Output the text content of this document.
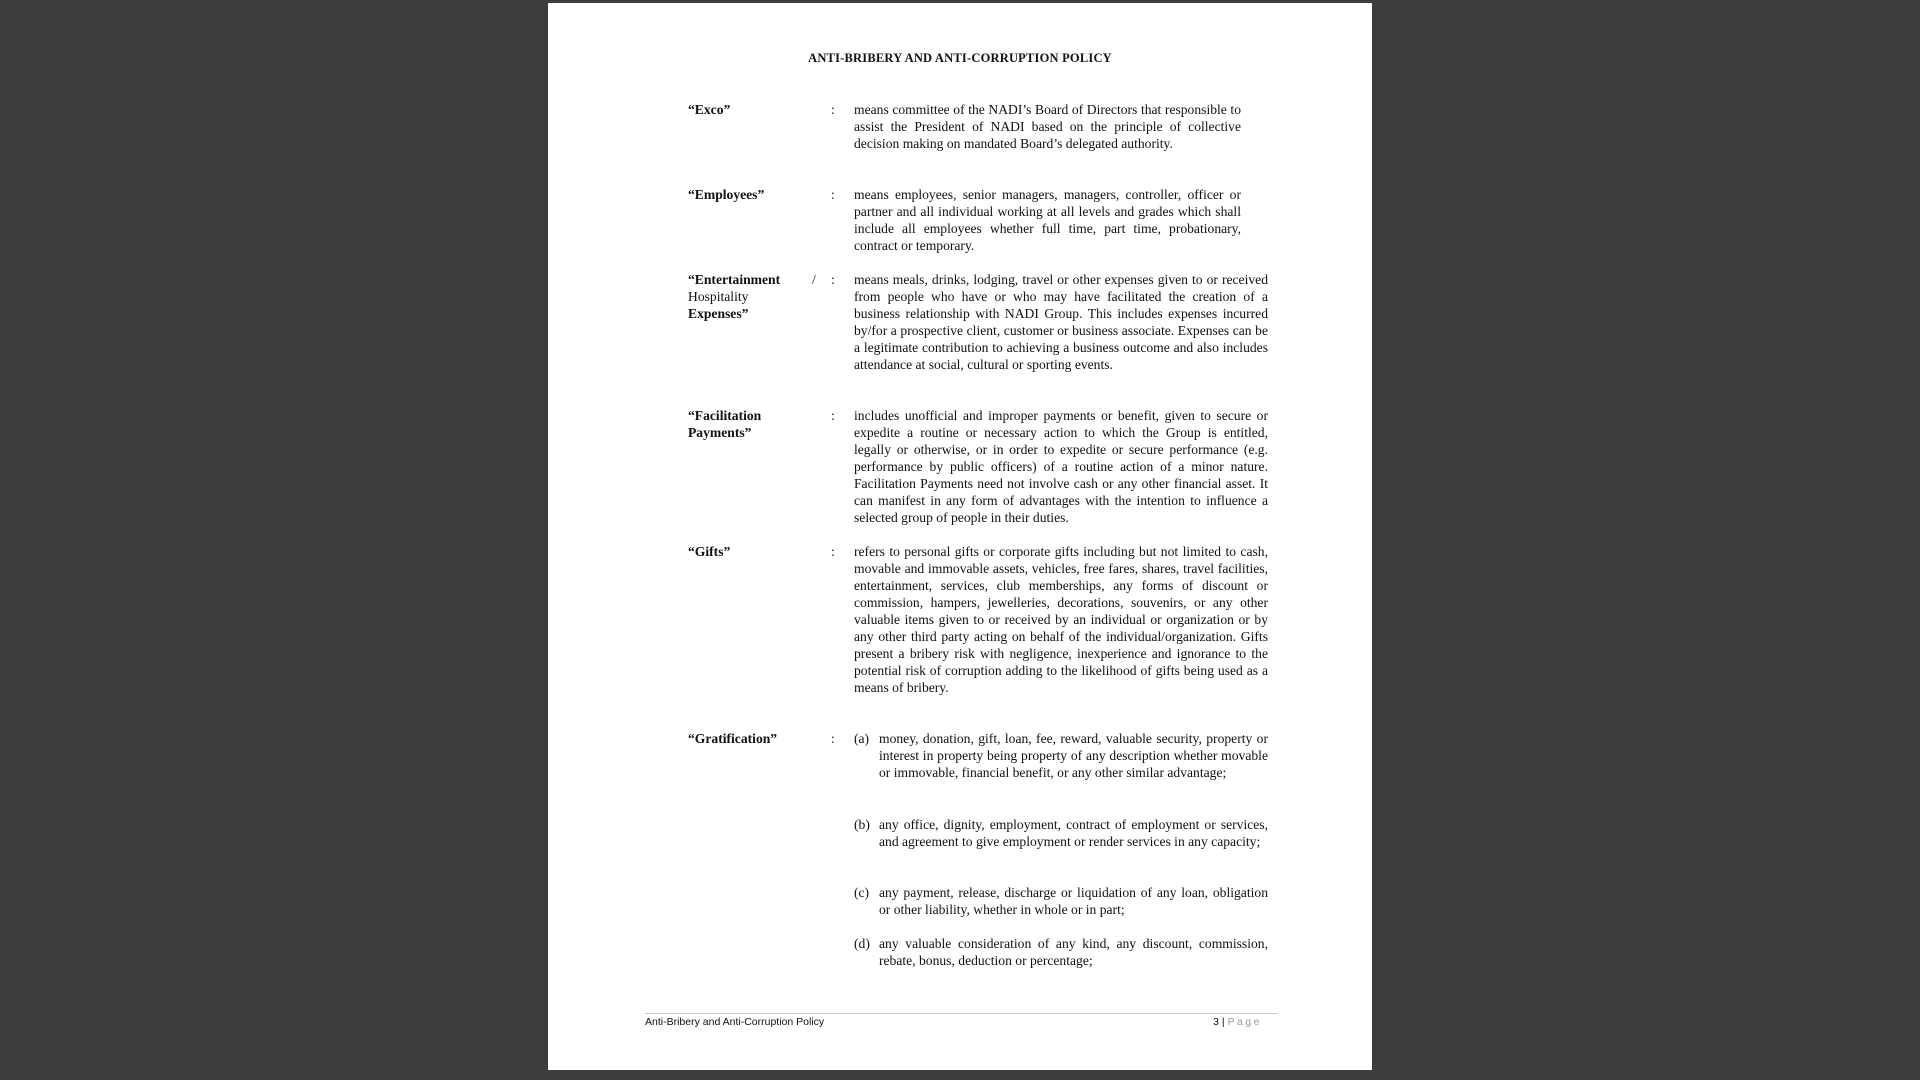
ANTI-BRIBERY AND ANTI-CORRUPTION POLICY
“Exco”	: means committee of the NADI’s Board of Directors that responsible to assist the President of NADI based on the principle of collective decision making on mandated Board’s delegated authority.
“Employees”	: means employees, senior managers, managers, controller, officer or partner and all individual working at all levels and grades which shall include all employees whether full time, part time, probationary, contract or temporary.
“Entertainment
Hospitality
Expenses”
/ : means meals, drinks, lodging, travel or other expenses given to or received from people who have or who may have facilitated the creation of a business relationship with NADI Group. This includes expenses incurred by/for a prospective client, customer or business associate. Expenses can be a legitimate contribution to achieving a business outcome and also includes attendance at social, cultural or sporting events.
“Facilitation
Payments”
: includes unofficial and improper payments or benefit, given to secure or expedite a routine or necessary action to which the Group is entitled, legally or otherwise, or in order to expedite or secure performance (e.g. performance by public officers) of a routine action of a minor nature. Facilitation Payments need not involve cash or any other financial asset. It can manifest in any form of advantages with the intention to influence a selected group of people in their duties.
“Gifts”	: refers to personal gifts or corporate gifts including but not limited to cash, movable and immovable assets, vehicles, free fares, shares, travel facilities, entertainment, services, club memberships, any forms of discount or commission, hampers, jewelleries, decorations, souvenirs, or any other valuable items given to or received by an individual or organization or by any other third party acting on behalf of the individual/organization. Gifts present a bribery risk with negligence, inexperience and ignorance to the potential risk of corruption adding to the likelihood of gifts being used as a means of bribery.
“Gratification”	: (a) money, donation, gift, loan, fee, reward, valuable security, property or interest in property being property of any description whether movable or immovable, financial benefit, or any other similar advantage;
(b) any office, dignity, employment, contract of employment or services, and agreement to give employment or render services in any capacity;
(c) any payment, release, discharge or liquidation of any loan, obligation or other liability, whether in whole or in part;
(d) any valuable consideration of any kind, any discount, commission, rebate, bonus, deduction or percentage;
Anti-Bribery and Anti-Corruption Policy	3 | Page
